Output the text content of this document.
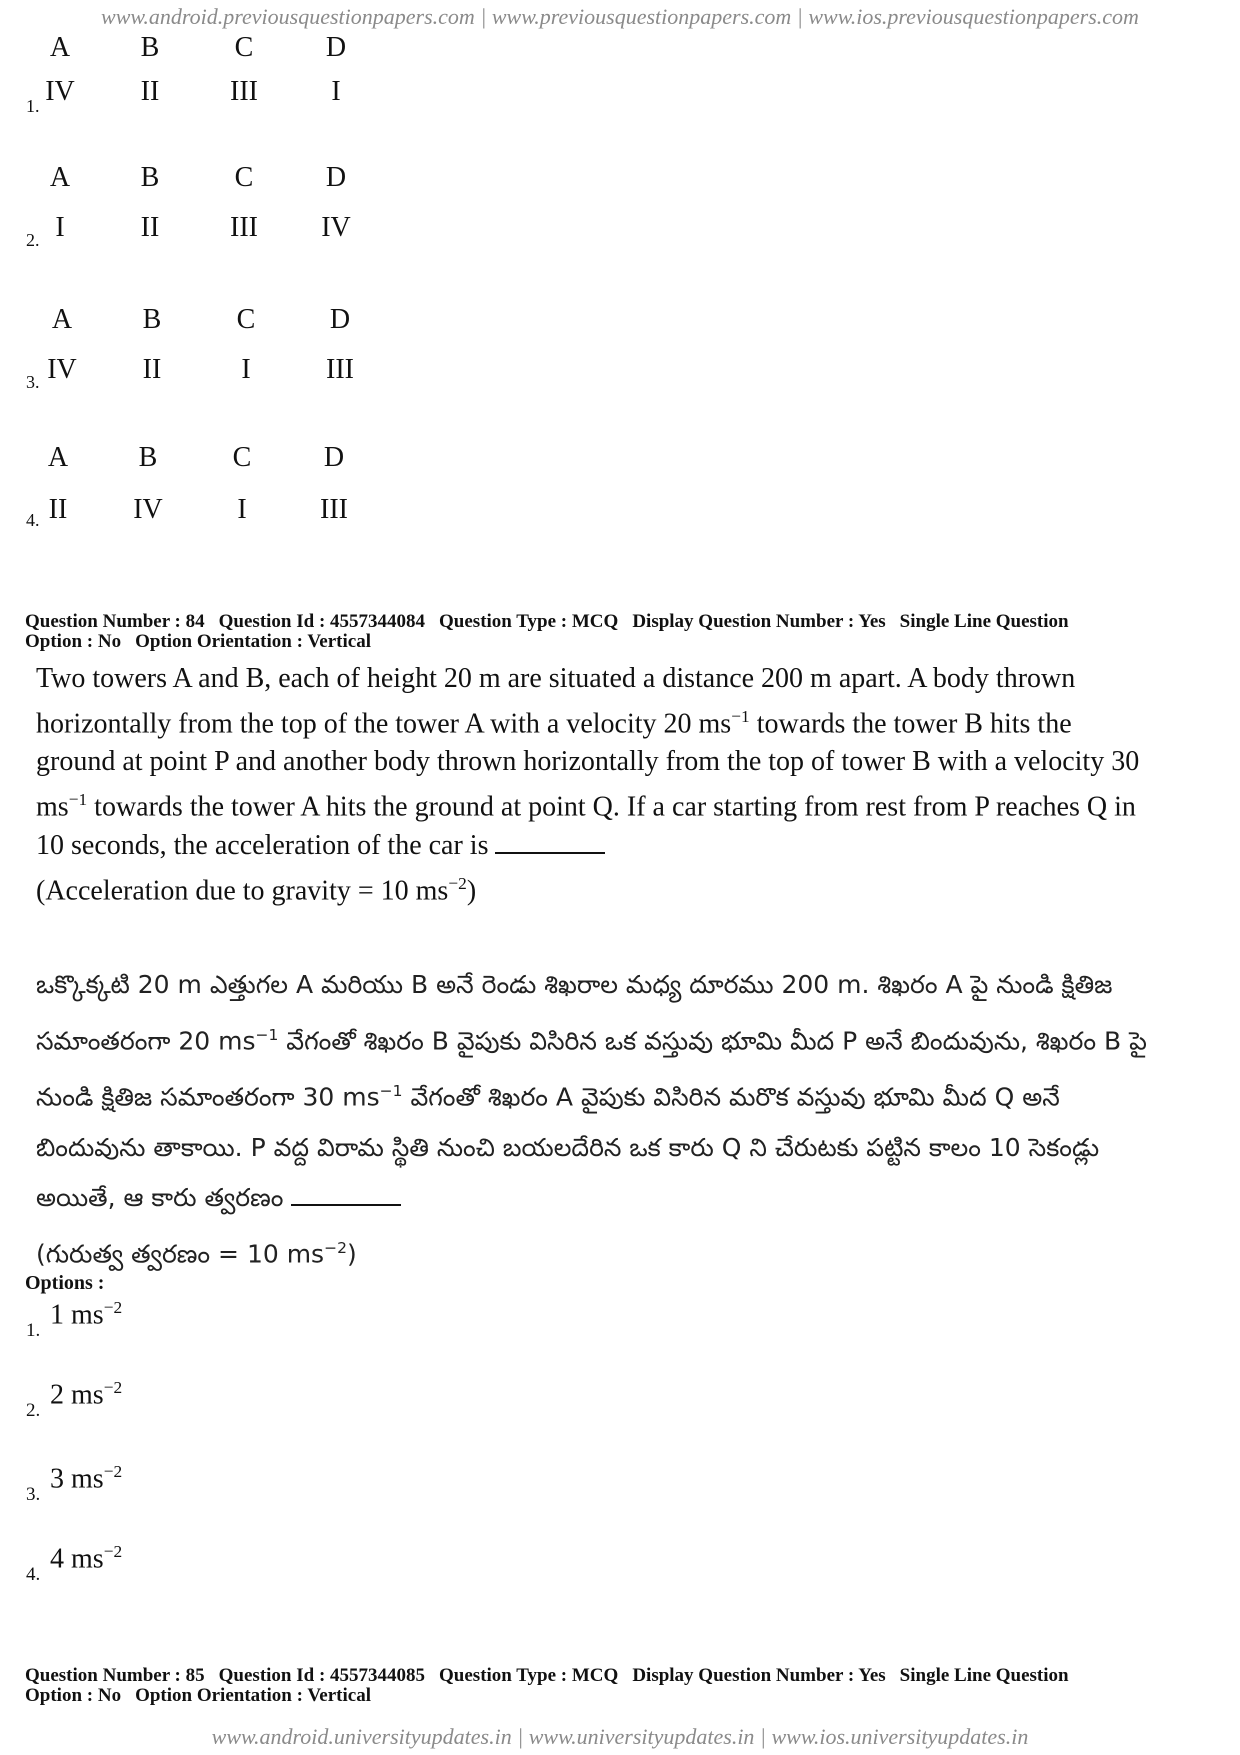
www.android.previousquestionpapers.com | www.previousquestionpapers.com | www.ios.previousquestionpapers.com
A	B	C	D
1. IV	II	III	I
A	B	C	D
2. I	II	III	IV
A	B	C	D
3. IV	II	I	III
A	B	C	D
4. II	IV	I	III
Question Number : 84 Question Id : 4557344084 Question Type : MCQ Display Question Number : Yes Single Line Question
Option : No Option Orientation : Vertical
Two towers A and B, each of height 20 m are situated a distance 200 m apart. A body thrown horizontally from the top of the tower A with a velocity 20 $ms^{-1}$ towards the tower B hits the ground at point P and another body thrown horizontally from the top of tower B with a velocity 30 $ms^{-1}$ towards the tower A hits the ground at point Q. If a car starting from rest from P reaches Q in 10 seconds, the acceleration of the car is
(Acceleration due to gravity = 10 $ms^{-2}$)
ఒక్కొక్కటి 20 m ఎత్తుగల A మరియు B అనే రెండు శిఖరాల మధ్య దూరము 200 m. శిఖరం A పై నుండి క్షితిజ సమాంతరంగా 20 $ms^{-1}$ వేగంతో శిఖరం B వైపుకు విసిరిన ఒక వస్తువు భూమి మీద P అనే బిందువును, శిఖరం B పై నుండి క్షితిజ సమాంతరంగా 30 $ms^{-1}$ వేగంతో శిఖరం A వైపుకు విసిరిన మరొక వస్తువు భూమి మీద Q అనే బిందువును తాకాయి. P వద్ద విరామ స్థితి నుంచి బయలదేరిన ఒక కారు Q ని చేరుటకు పట్టిన కాలం 10 సెకండ్లు అయితే, ఆ కారు త్వరణం
(గురుత్వ త్వరణం = 10 $ms^{-2}$)
Options :
1.
1 $ms^{-2}$
2.
2 $ms^{-2}$
3.
3 $ms^{-2}$
4.
4 $ms^{-2}$
Question Number : 85 Question Id : 4557344085 Question Type : MCQ Display Question Number : Yes Single Line Question
Option : No Option Orientation : Vertical
www.android.universityupdates.in | www.universityupdates.in | www.ios.universityupdates.in
